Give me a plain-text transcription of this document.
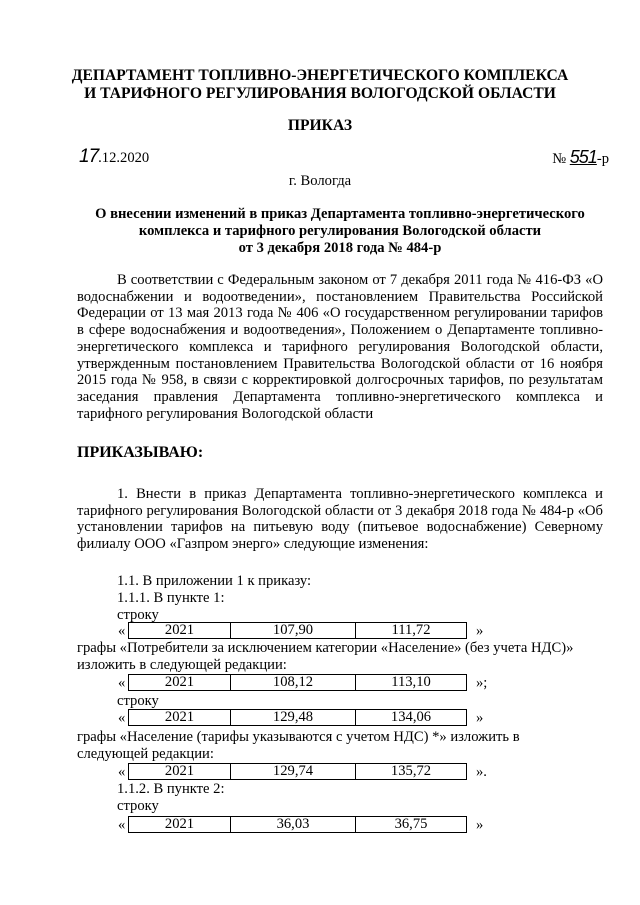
ДЕПАРТАМЕНТ ТОПЛИВНО-ЭНЕРГЕТИЧЕСКОГО КОМПЛЕКСА
И ТАРИФНОГО РЕГУЛИРОВАНИЯ ВОЛОГОДСКОЙ ОБЛАСТИ
ПРИКАЗ
17.12.2020	№ 551-р
г. Вологда
О внесении изменений в приказ Департамента топливно-энергетического
комплекса и тарифного регулирования Вологодской области
от 3 декабря 2018 года № 484-р
В соответствии с Федеральным законом от 7 декабря 2011 года № 416-ФЗ «О водоснабжении и водоотведении», постановлением Правительства Российской Федерации от 13 мая 2013 года № 406 «О государственном регулировании тарифов в сфере водоснабжения и водоотведения», Положением о Департаменте топливно-энергетического комплекса и тарифного регулирования Вологодской области, утвержденным постановлением Правительства Вологодской области от 16 ноября 2015 года № 958, в связи с корректировкой долгосрочных тарифов, по результатам заседания правления Департамента топливно-энергетического комплекса и тарифного регулирования Вологодской области
ПРИКАЗЫВАЮ:
1. Внести в приказ Департамента топливно-энергетического комплекса и тарифного регулирования Вологодской области от 3 декабря 2018 года № 484-р «Об установлении тарифов на питьевую воду (питьевое водоснабжение) Северному филиалу ООО «Газпром энерго» следующие изменения:
1.1. В приложении 1 к приказу:
1.1.1. В пункте 1:
строку
«	2021	107,90	111,72	»
графы «Потребители за исключением категории «Население» (без учета НДС)»
изложить в следующей редакции:
«	2021	108,12	113,10	»;
строку
«	2021	129,48	134,06	»
графы «Население (тарифы указываются с учетом НДС) *» изложить в
следующей редакции:
«	2021	129,74	135,72	».
1.1.2. В пункте 2:
строку
«	2021	36,03	36,75	»
